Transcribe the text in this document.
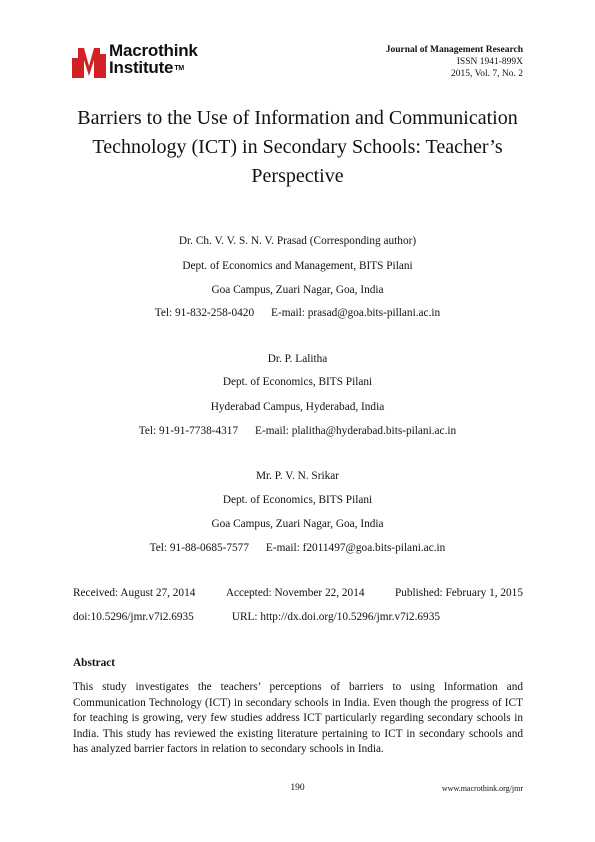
Macrothink
Institute™
Journal of Management Research
ISSN 1941-899X
2015, Vol. 7, No. 2
Barriers to the Use of Information and Communication
Technology (ICT) in Secondary Schools: Teacher’s
Perspective
Dr. Ch. V. V. S. N. V. Prasad (Corresponding author)
Dept. of Economics and Management, BITS Pilani
Goa Campus, Zuari Nagar, Goa, India
Tel: 91-832-258-0420 E-mail: prasad@goa.bits-pillani.ac.in
Dr. P. Lalitha
Dept. of Economics, BITS Pilani
Hyderabad Campus, Hyderabad, India
Tel: 91-91-7738-4317 E-mail: plalitha@hyderabad.bits-pilani.ac.in
Mr. P. V. N. Srikar
Dept. of Economics, BITS Pilani
Goa Campus, Zuari Nagar, Goa, India
Tel: 91-88-0685-7577 E-mail: f2011497@goa.bits-pilani.ac.in
Received: August 27, 2014	Accepted: November 22, 2014	Published: February 1, 2015
doi:10.5296/jmr.v7i2.6935	URL: http://dx.doi.org/10.5296/jmr.v7i2.6935
Abstract
This study investigates the teachers’ perceptions of barriers to using Information and Communication Technology (ICT) in secondary schools in India. Even though the progress of ICT for teaching is growing, very few studies address ICT particularly regarding secondary schools in India. This study has reviewed the existing literature pertaining to ICT in secondary schools and has analyzed barrier factors in relation to secondary schools in India.
190	www.macrothink.org/jmr
